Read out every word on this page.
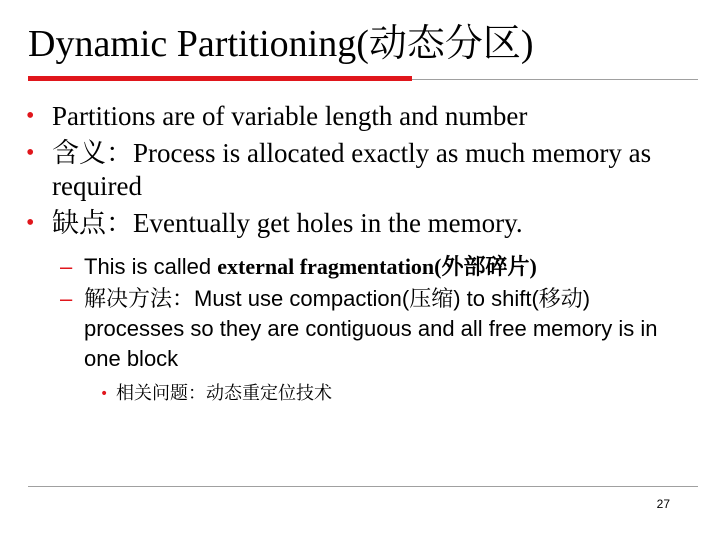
Dynamic Partitioning(动态分区)
• Partitions are of variable length and number
• 含义：Process is allocated exactly as much memory as required
• 缺点：Eventually get holes in the memory.
– This is called external fragmentation(外部碎片)
– 解决方法：Must use compaction(压缩) to shift(移动) processes so they are contiguous and all free memory is in one block
• 相关问题：动态重定位技术
27
